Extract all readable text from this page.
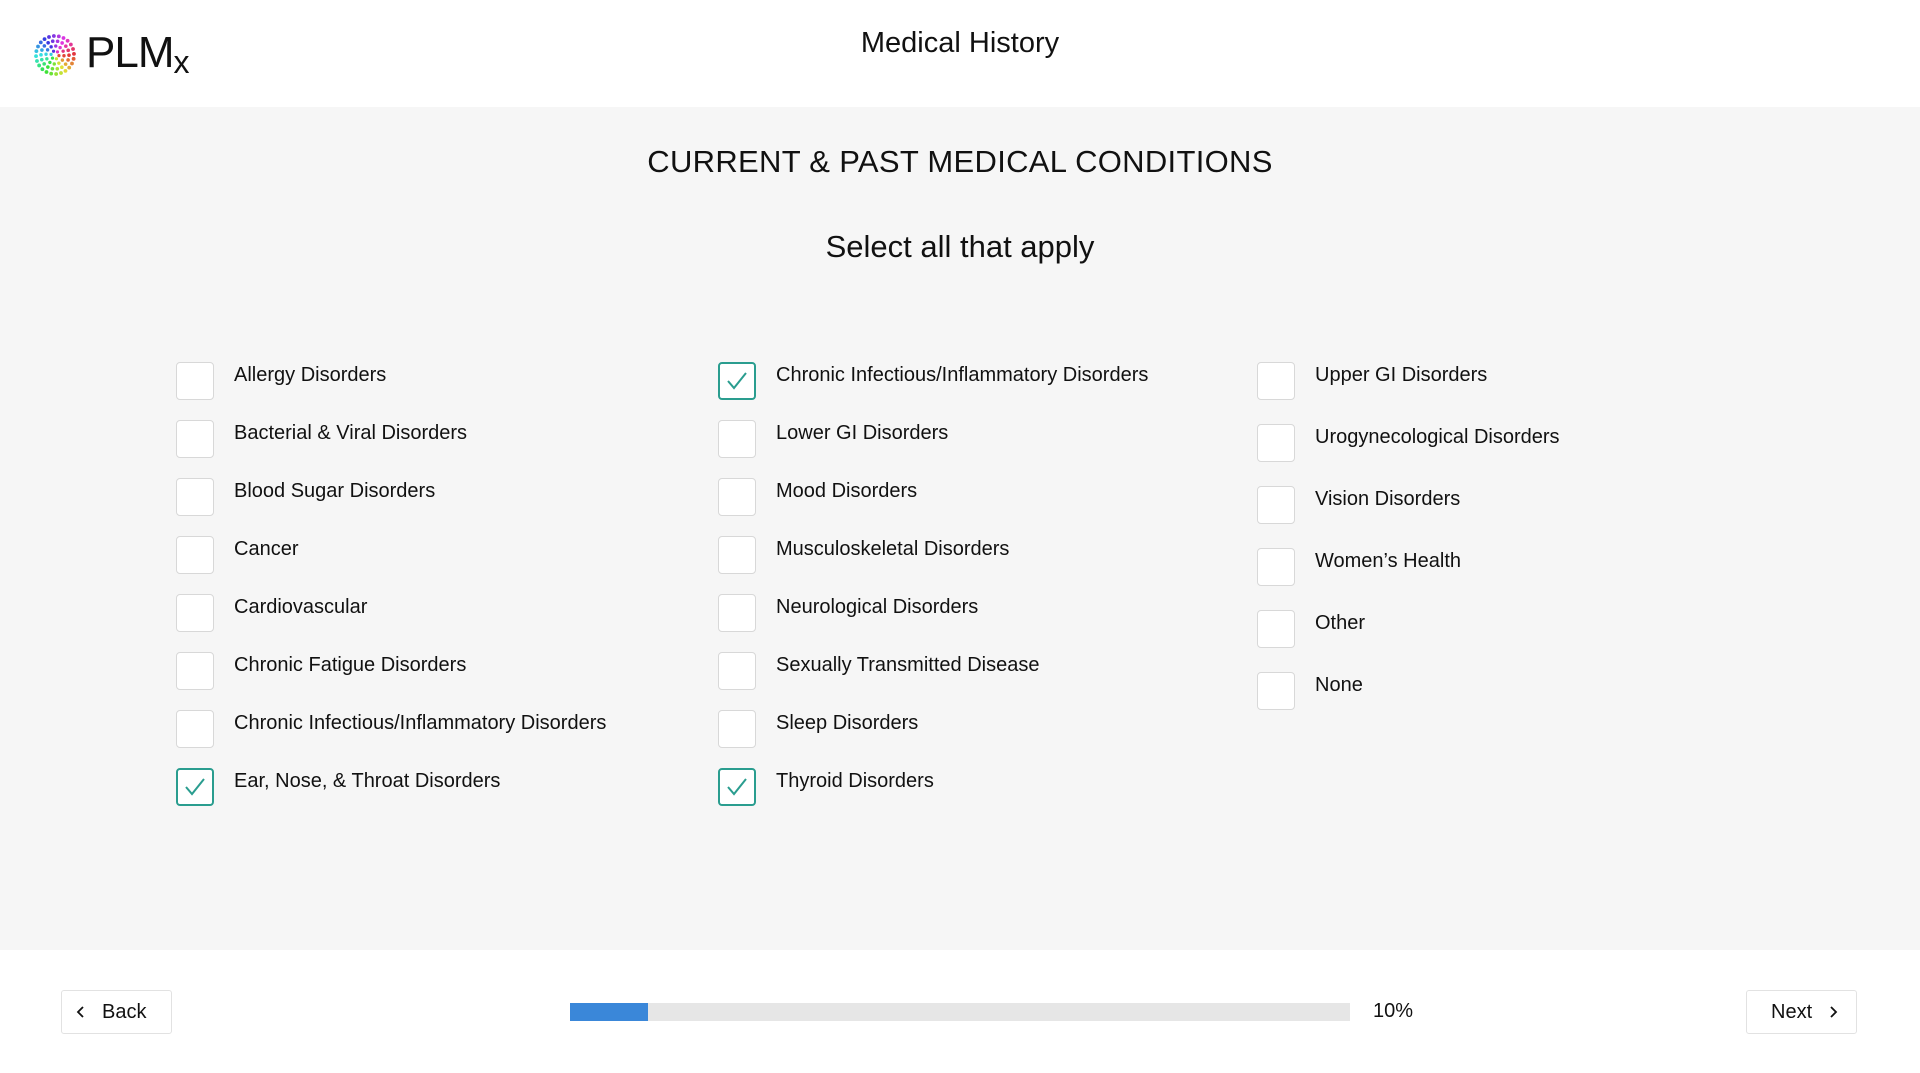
PLMx
Medical History
CURRENT & PAST MEDICAL CONDITIONS
Select all that apply
Allergy Disorders
Bacterial & Viral Disorders
Blood Sugar Disorders
Cancer
Cardiovascular
Chronic Fatigue Disorders
Chronic Infectious/Inflammatory Disorders
Ear, Nose, & Throat Disorders
Chronic Infectious/Inflammatory Disorders
Lower GI Disorders
Mood Disorders
Musculoskeletal Disorders
Neurological Disorders
Sexually Transmitted Disease
Sleep Disorders
Thyroid Disorders
Upper GI Disorders
Urogynecological Disorders
Vision Disorders
Women’s Health
Other
None
Back	10%	Next
